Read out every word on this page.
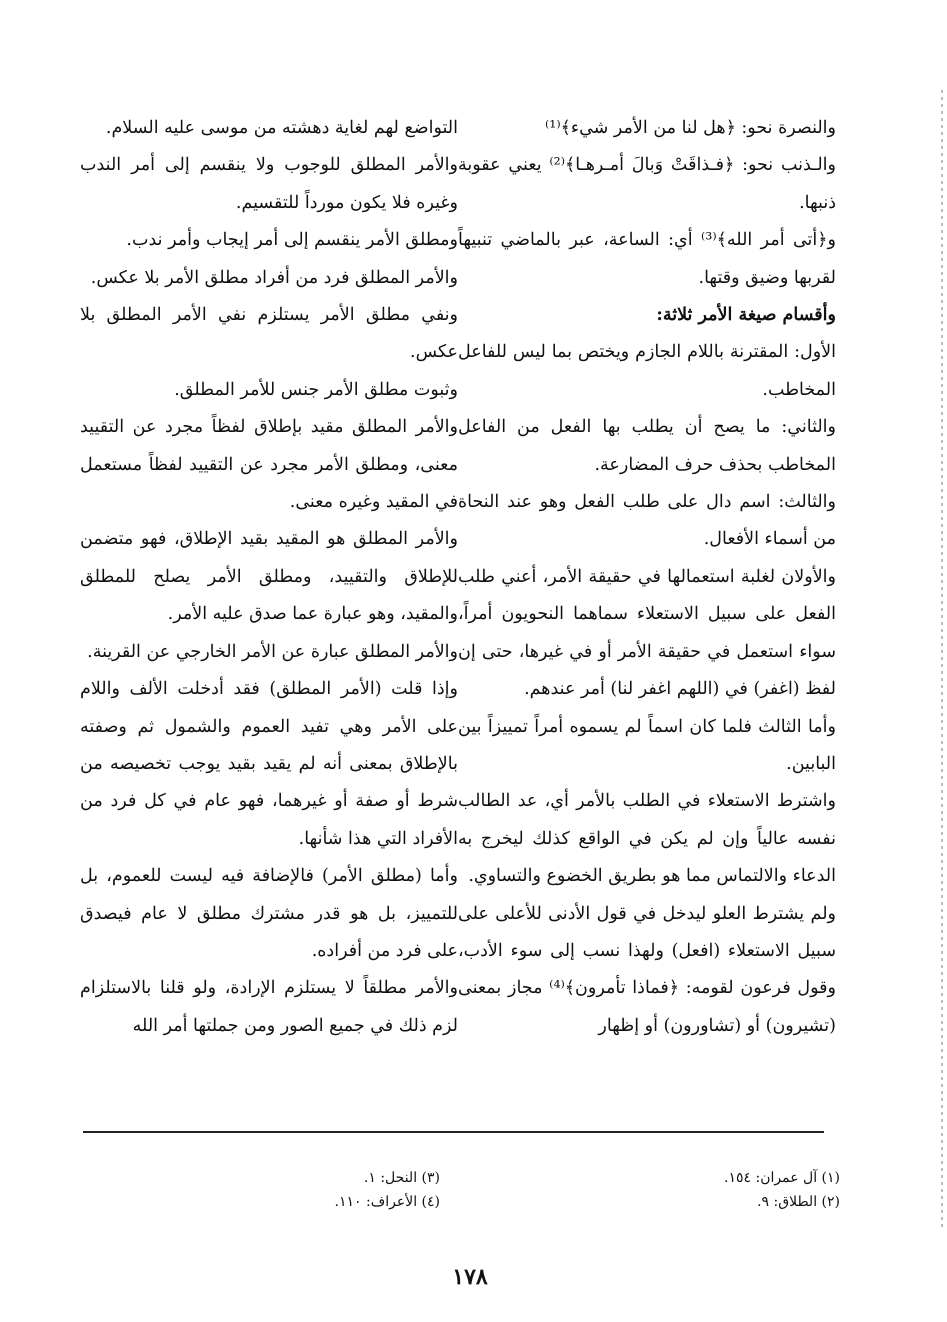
والنصرة نحو: ﴿هل لنا من الأمر شيء﴾⁽¹⁾

والـذنب نحو: ﴿فـذاقَتْ وَبالَ أمـرهـا﴾⁽²⁾ يعني عقوبة ذنبها.

و﴿أتى أمر الله﴾⁽³⁾ أي: الساعة، عبر بالماضي تنبيهاً لقربها وضيق وقتها.

وأقسام صيغة الأمر ثلاثة:

الأول: المقترنة باللام الجازم ويختص بما ليس للفاعل المخاطب.

والثاني: ما يصح أن يطلب بها الفعل من الفاعل المخاطب بحذف حرف المضارعة.

والثالث: اسم دال على طلب الفعل وهو عند النحاة من أسماء الأفعال.

والأولان لغلبة استعمالها في حقيقة الأمر، أعني طلب الفعل على سبيل الاستعلاء سماهما النحويون أمراً، سواء استعمل في حقيقة الأمر أو في غيرها، حتى إن لفظ (اغفر) في (اللهم اغفر لنا) أمر عندهم.

وأما الثالث فلما كان اسماً لم يسموه أمراً تمييزاً بين البابين.

واشترط الاستعلاء في الطلب بالأمر أي، عد الطالب نفسه عالياً وإن لم يكن في الواقع كذلك ليخرج به الدعاء والالتماس مما هو بطريق الخضوع والتساوي.

ولم يشترط العلو ليدخل في قول الأدنى للأعلى على سبيل الاستعلاء (افعل) ولهذا نسب إلى سوء الأدب، وقول فرعون لقومه: ﴿فماذا تأمرون﴾⁽⁴⁾ مجاز بمعنى (تشيرون) أو (تشاورون) أو إظهار

التواضع لهم لغاية دهشته من موسى عليه السلام.

والأمر المطلق للوجوب ولا ينقسم إلى أمر الندب وغيره فلا يكون مورداً للتقسيم.

ومطلق الأمر ينقسم إلى أمر إيجاب وأمر ندب.

والأمر المطلق فرد من أفراد مطلق الأمر بلا عكس.

ونفي مطلق الأمر يستلزم نفي الأمر المطلق بلا عكس.

وثبوت مطلق الأمر جنس للأمر المطلق.

والأمر المطلق مقيد بإطلاق لفظاً مجرد عن التقييد معنى، ومطلق الأمر مجرد عن التقييد لفظاً مستعمل في المقيد وغيره معنى.

والأمر المطلق هو المقيد بقيد الإطلاق، فهو متضمن للإطلاق والتقييد، ومطلق الأمر يصلح للمطلق والمقيد، وهو عبارة عما صدق عليه الأمر.

والأمر المطلق عبارة عن الأمر الخارجي عن القرينة.

وإذا قلت (الأمر المطلق) فقد أدخلت الألف واللام على الأمر وهي تفيد العموم والشمول ثم وصفته بالإطلاق بمعنى أنه لم يقيد بقيد يوجب تخصيصه من شرط أو صفة أو غيرهما، فهو عام في كل فرد من الأفراد التي هذا شأنها.

وأما (مطلق الأمر) فالإضافة فيه ليست للعموم، بل للتمييز، بل هو قدر مشترك مطلق لا عام فيصدق على فرد من أفراده.

والأمر مطلقاً لا يستلزم الإرادة، ولو قلنا بالاستلزام لزم ذلك في جميع الصور ومن جملتها أمر الله

(١) آل عمران: ١٥٤.
(٢) الطلاق: ٩.
(٣) النحل: ١.
(٤) الأعراف: ١١٠.
١٧٨
